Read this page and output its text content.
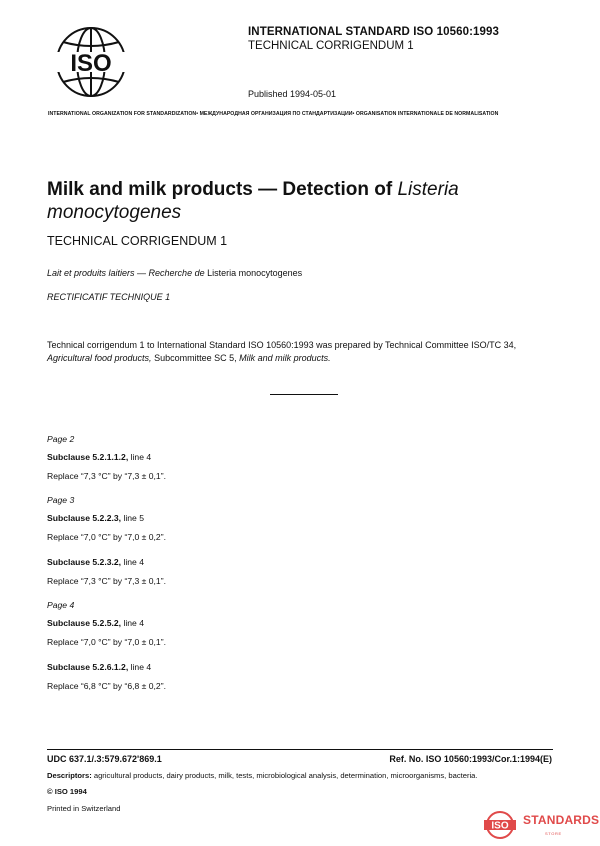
ISO
INTERNATIONAL STANDARD ISO 10560:1993
TECHNICAL CORRIGENDUM 1
Published 1994-05-01
INTERNATIONAL ORGANIZATION FOR STANDARDIZATION• МЕЖДУНАРОДНАЯ ОРГАНИЗАЦИЯ ПО СТАНДАРТИЗАЦИИ• ORGANISATION INTERNATIONALE DE NORMALISATION
Milk and milk products — Detection of Listeria monocytogenes
TECHNICAL CORRIGENDUM 1
Lait et produits laitiers — Recherche de Listeria monocytogenes
RECTIFICATIF TECHNIQUE 1
Technical corrigendum 1 to International Standard ISO 10560:1993 was prepared by Technical Committee ISO/TC 34,
Agricultural food products, Subcommittee SC 5, Milk and milk products.
Page 2
Subclause 5.2.1.1.2, line 4
Replace “7,3 °C” by “7,3 ± 0,1”.
Page 3
Subclause 5.2.2.3, line 5
Replace “7,0 °C” by “7,0 ± 0,2”.
Subclause 5.2.3.2, line 4
Replace “7,3 °C” by “7,3 ± 0,1”.
Page 4
Subclause 5.2.5.2, line 4
Replace “7,0 °C” by “7,0 ± 0,1”.
Subclause 5.2.6.1.2, line 4
Replace “6,8 °C” by “6,8 ± 0,2”.
UDC 637.1/.3:579.672'869.1	Ref. No. ISO 10560:1993/Cor.1:1994(E)
Descriptors: agricultural products, dairy products, milk, tests, microbiological analysis, determination, microorganisms, bacteria.
© ISO 1994
Printed in Switzerland
ISO STANDARDS
STORE
